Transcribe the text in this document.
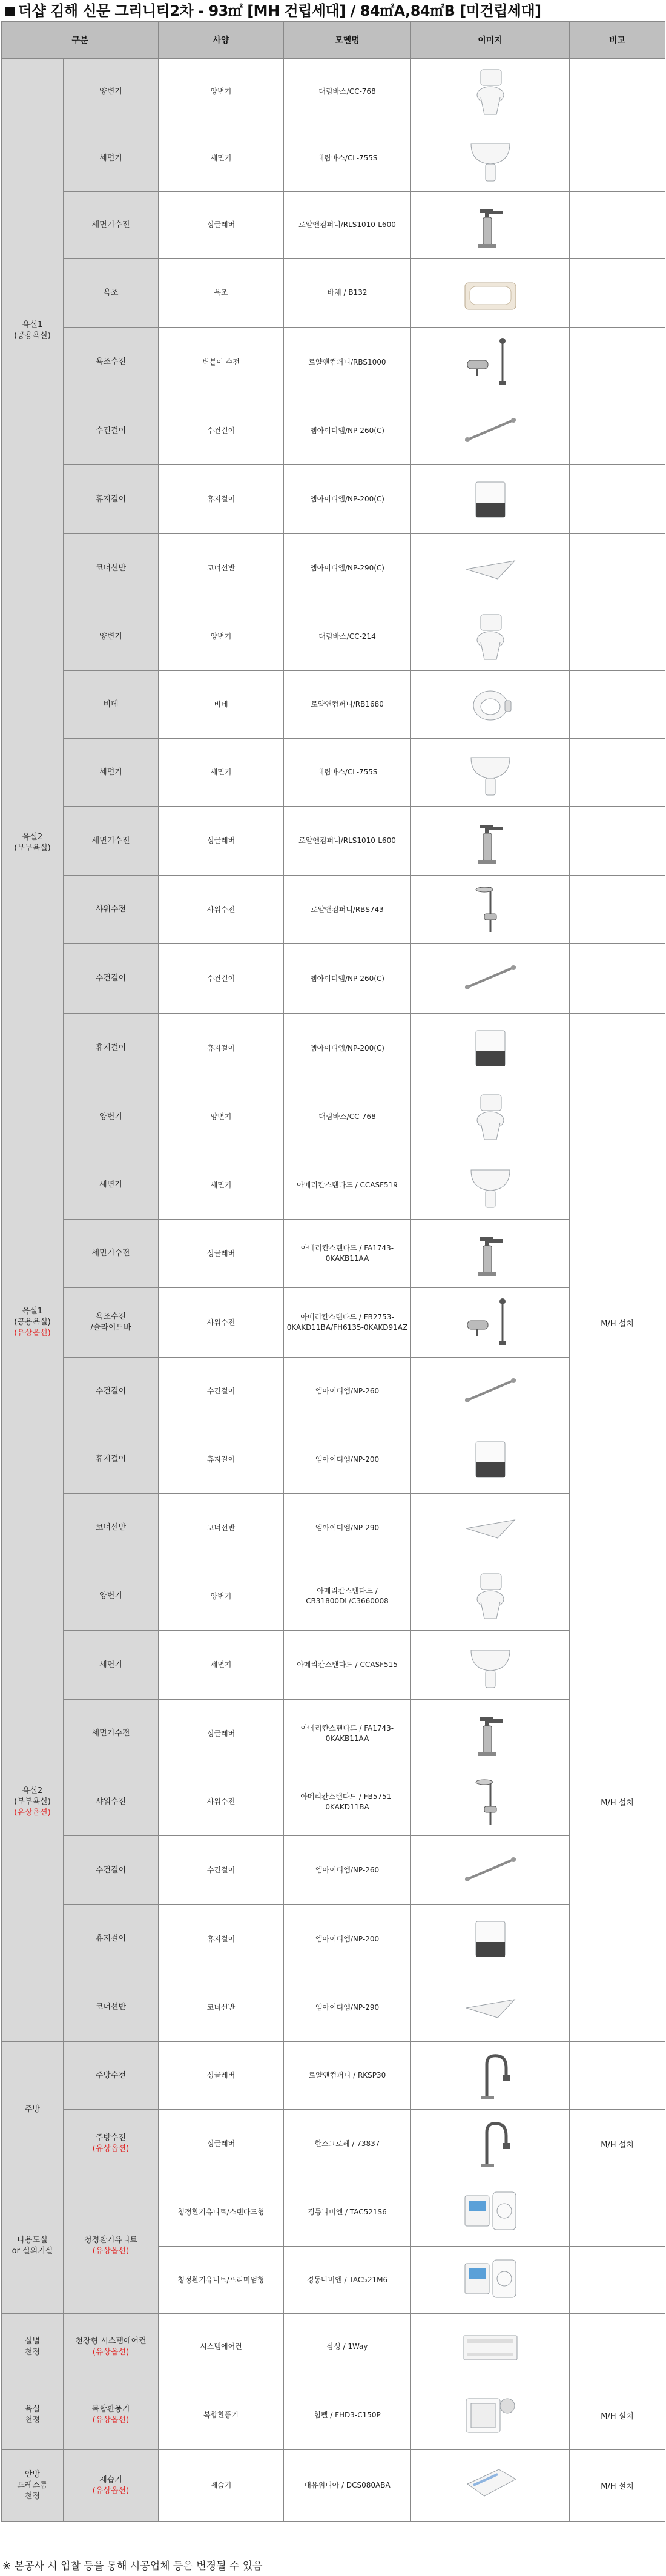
더샵 김해 신문 그리니티2차 - 93㎡ [MH 건립세대] / 84㎡A,84㎡B [미건립세대]
구분		사양	모델명	이미지	비고

욕실1
(공용욕실)	양변기	양변기	대림바스/CC-768	

	세면기	세면기	대림바스/CL-755S	

	세면기수전	싱글레버	로얄앤컴퍼니/RLS1010-L600	

	욕조	욕조	바체 / B132	

	욕조수전	벽붙이 수전	로얄앤컴퍼니/RBS1000	

	수건걸이	수건걸이	엠아이디엠/NP-260(C)	

	휴지걸이	휴지걸이	엠아이디엠/NP-200(C)	

	코너선반	코너선반	엠아이디엠/NP-290(C)	

욕실2
(부부욕실)	양변기	양변기	대림바스/CC-214	

	비데	비데	로얄앤컴퍼니/RB1680	

	세면기	세면기	대림바스/CL-755S	

	세면기수전	싱글레버	로얄앤컴퍼니/RLS1010-L600	

	샤워수전	샤워수전	로얄앤컴퍼니/RBS743	

	수건걸이	수건걸이	엠아이디엠/NP-260(C)	

	휴지걸이	휴지걸이	엠아이디엠/NP-200(C)	

욕실1
(공용욕실)
(유상옵션)	양변기	양변기	대림바스/CC-768		M/H 설치

	세면기	세면기	아메리칸스탠다드 / CCASF519	

	세면기수전	싱글레버	아메리칸스탠다드 / FA1743-0KAKB11AA	

	욕조수전
/슬라이드바	샤워수전	아메리칸스탠다드 / FB2753-0KAKD11BA/FH6135-0KAKD91AZ	

	수건걸이	수건걸이	엠아이디엠/NP-260	

	휴지걸이	휴지걸이	엠아이디엠/NP-200	

	코너선반	코너선반	엠아이디엠/NP-290	

욕실2
(부부욕실)
(유상옵션)	양변기	양변기	아메리칸스탠다드 / CB31800DL/C3660008		M/H 설치

	세면기	세면기	아메리칸스탠다드 / CCASF515	

	세면기수전	싱글레버	아메리칸스탠다드 / FA1743-0KAKB11AA	

	샤워수전	샤워수전	아메리칸스탠다드 / FB5751-0KAKD11BA	

	수건걸이	수건걸이	엠아이디엠/NP-260	

	휴지걸이	휴지걸이	엠아이디엠/NP-200	

	코너선반	코너선반	엠아이디엠/NP-290	

주방	주방수전	싱글레버	로얄앤컴퍼니 / RKSP30	

	주방수전
(유상옵션)	싱글레버	한스그로헤 / 73837		M/H 설치

다용도실
or 실외기실	청정환기유니트
(유상옵션)	청정환기유니트/스탠다드형	경동나비엔 / TAC521S6	

		청정환기유니트/프리미엄형	경동나비엔 / TAC521M6	

실별
천정	천장형 시스템에어컨
(유상옵션)	시스템에어컨	삼성 / 1Way	

욕실
천정	복합환풍기
(유상옵션)	복합환풍기	힘펠 / FHD3-C150P		M/H 설치

안방
드레스룸
천정	제습기
(유상옵션)	제습기	대유위니아 / DCS080ABA		M/H 설치
※ 본공사 시 입찰 등을 통해 시공업체 등은 변경될 수 있음
